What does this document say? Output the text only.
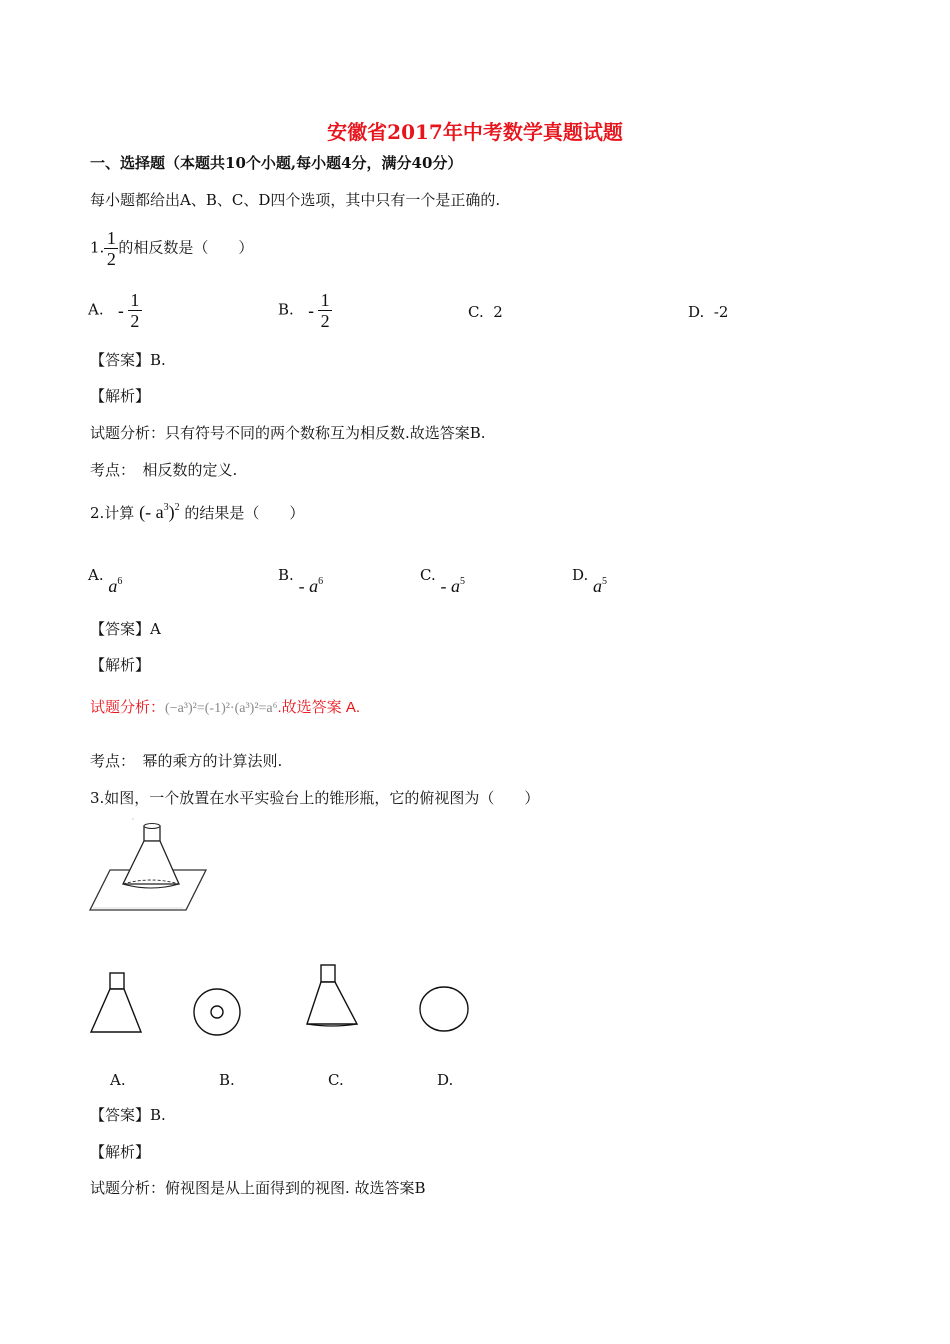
安徽省2017年中考数学真题试题
一、选择题（本题共10个小题,每小题4分，满分40分）
每小题都给出A、B、C、D四个选项，其中只有一个是正确的.
1. $\frac{1}{2}$ 的相反数是（　　）
A. - $\frac{1}{2}$	B. - $\frac{1}{2}$	C. 2	D. -2
【答案】B.
【解析】
试题分析：只有符号不同的两个数称互为相反数.故选答案B.
考点：　相反数的定义.
2.计算 (- $a^3)^2$ 的结果是（　　）
A. $a^6$	B. - $a^6$	C. - $a^5$	D. $a^5$
【答案】A
【解析】
试题分析：(−a³)²=(-1)²·(a³)²=a⁶.故选答案 A.
考点：　幂的乘方的计算法则.
3.如图，一个放置在水平实验台上的锥形瓶，它的俯视图为（　　）
A.	B.	C.	D.
【答案】B.
【解析】
试题分析：俯视图是从上面得到的视图. 故选答案B
